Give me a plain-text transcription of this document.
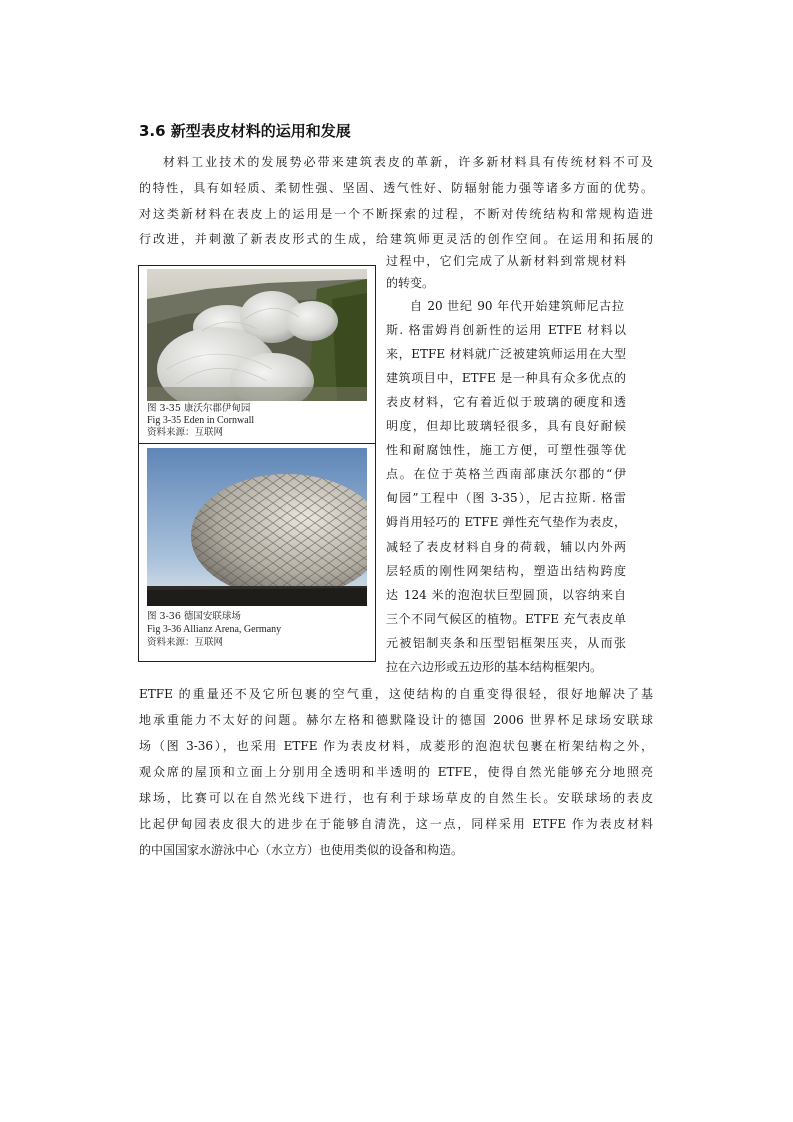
3.6 新型表皮材料的运用和发展
材料工业技术的发展势必带来建筑表皮的革新，许多新材料具有传统材料不可及
的特性，具有如轻质、柔韧性强、坚固、透气性好、防辐射能力强等诸多方面的优势。
对这类新材料在表皮上的运用是一个不断探索的过程，不断对传统结构和常规构造进
行改进，并刺激了新表皮形式的生成，给建筑师更灵活的创作空间。在运用和拓展的
过程中，它们完成了从新材料到常规材料
的转变。
自 20 世纪 90 年代开始建筑师尼古拉
斯. 格雷姆肖创新性的运用 ETFE 材料以
来，ETFE 材料就广泛被建筑师运用在大型
建筑项目中，ETFE 是一种具有众多优点的
表皮材料，它有着近似于玻璃的硬度和透
明度，但却比玻璃轻很多，具有良好耐候
性和耐腐蚀性，施工方便，可塑性强等优
点。在位于英格兰西南部康沃尔郡的“伊
甸园”工程中（图 3-35），尼古拉斯. 格雷
姆肖用轻巧的 ETFE 弹性充气垫作为表皮，
减轻了表皮材料自身的荷载，辅以内外两
层轻质的刚性网架结构，塑造出结构跨度
达 124 米的泡泡状巨型圆顶，以容纳来自
三个不同气候区的植物。ETFE 充气表皮单
元被铝制夹条和压型铝框架压夹，从而张
拉在六边形或五边形的基本结构框架内。
ETFE 的重量还不及它所包裹的空气重，这使结构的自重变得很轻，很好地解决了基
地承重能力不太好的问题。赫尔左格和德默隆设计的德国 2006 世界杯足球场安联球
场（图 3-36），也采用 ETFE 作为表皮材料，成菱形的泡泡状包裹在桁架结构之外，
观众席的屋顶和立面上分别用全透明和半透明的 ETFE，使得自然光能够充分地照亮
球场，比赛可以在自然光线下进行，也有利于球场草皮的自然生长。安联球场的表皮
比起伊甸园表皮很大的进步在于能够自清洗，这一点，同样采用 ETFE 作为表皮材料
的中国国家水游泳中心（水立方）也使用类似的设备和构造。
图 3-35 康沃尔郡伊甸园
Fig 3-35 Eden in Cornwall
资料来源：互联网
图 3-36 德国安联球场
Fig 3-36 Allianz Arena, Germany
资料来源：互联网
